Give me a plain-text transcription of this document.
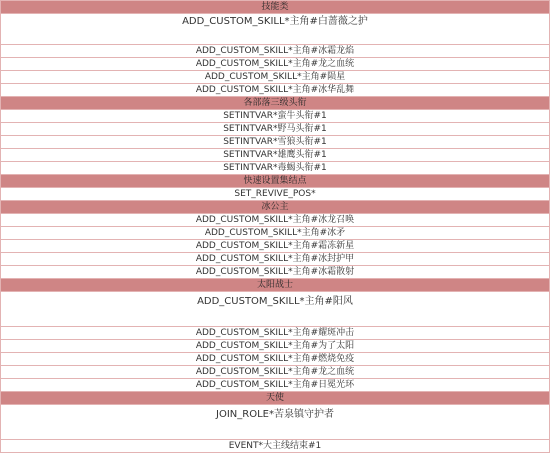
技能类
ADD_CUSTOM_SKILL*主角#白蔷薇之护
ADD_CUSTOM_SKILL*主角#冰霜龙焰
ADD_CUSTOM_SKILL*主角#龙之血统
ADD_CUSTOM_SKILL*主角#陨星
ADD_CUSTOM_SKILL*主角#冰华乱舞
各部落三级头衔
SETINTVAR*蛮牛头衔#1
SETINTVAR*野马头衔#1
SETINTVAR*雪狼头衔#1
SETINTVAR*雄鹰头衔#1
SETINTVAR*毒蝎头衔#1
快速设置集结点
SET_REVIVE_POS*
冰公主
ADD_CUSTOM_SKILL*主角#冰龙召唤
ADD_CUSTOM_SKILL*主角#冰矛
ADD_CUSTOM_SKILL*主角#霜冻新星
ADD_CUSTOM_SKILL*主角#冰封护甲
ADD_CUSTOM_SKILL*主角#冰霜散射
太阳战士
ADD_CUSTOM_SKILL*主角#阳风
ADD_CUSTOM_SKILL*主角#耀斑冲击
ADD_CUSTOM_SKILL*主角#为了太阳
ADD_CUSTOM_SKILL*主角#燃烧免疫
ADD_CUSTOM_SKILL*主角#龙之血统
ADD_CUSTOM_SKILL*主角#日冕光环
天使
JOIN_ROLE*苦泉镇守护者
EVENT*大主线结束#1
